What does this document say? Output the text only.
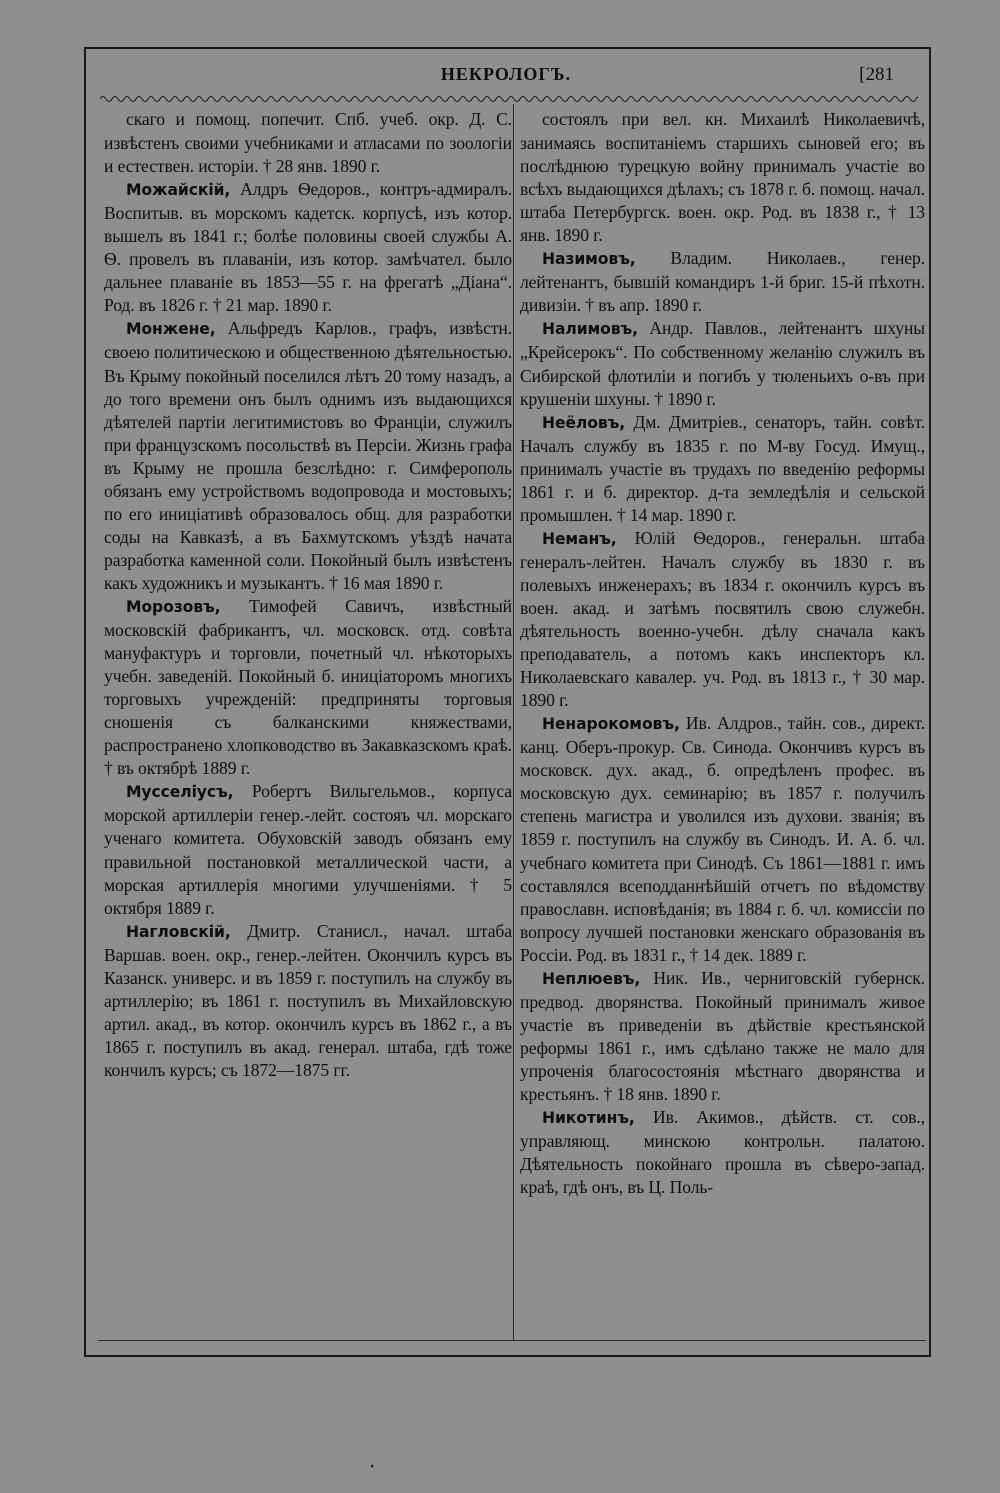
НЕКРОЛОГЪ.	[281

скаго и помощ. попечит. Спб. учеб. окр. Д. С. извѣстенъ своими учебниками и атласами по зоологіи и естествен. исторіи. † 28 янв. 1890 г.

Можайскій, Алдръ Ѳедоров., контръ-адмиралъ. Воспитыв. въ морскомъ кадетск. корпусѣ, изъ котор. вышелъ въ 1841 г.; болѣе половины своей службы А. Ѳ. провелъ въ плаваніи, изъ котор. замѣчател. было дальнее плаваніе въ 1853—55 г. на фрегатѣ „Діана“. Род. въ 1826 г. † 21 мар. 1890 г.

Монжене, Альфредъ Карлов., графъ, извѣстн. своею политическою и общественною дѣятельностью. Въ Крыму покойный поселился лѣтъ 20 тому назадъ, а до того времени онъ былъ однимъ изъ выдающихся дѣятелей партіи легитимистовъ во Франціи, служилъ при французскомъ посольствѣ въ Персіи. Жизнь графа въ Крыму не прошла безслѣдно: г. Симферополь обязанъ ему устройствомъ водопровода и мостовыхъ; по его иниціативѣ образовалось общ. для разработки соды на Кавказѣ, а въ Бахмутскомъ уѣздѣ начата разработка каменной соли. Покойный былъ извѣстенъ какъ художникъ и музыкантъ. † 16 мая 1890 г.

Морозовъ, Тимофей Савичъ, извѣстный московскій фабрикантъ, чл. московск. отд. совѣта мануфактуръ и торговли, почетный чл. нѣкоторыхъ учебн. заведеній. Покойный б. иниціаторомъ многихъ торговыхъ учрежденій: предприняты торговыя сношенія съ балканскими княжествами, распространено хлопководство въ Закавказскомъ краѣ. † въ октябрѣ 1889 г.

Мусселіусъ, Робертъ Вильгельмов., корпуса морской артиллеріи генер.-лейт. состояъ чл. морскаго ученаго комитета. Обуховскій заводъ обязанъ ему правильной постановкой металлической части, а морская артиллерія многими улучшеніями. † 5 октября 1889 г.

Нагловскій, Дмитр. Станисл., начал. штаба Варшав. воен. окр., генер.-лейтен. Окончилъ курсъ въ Казанск. универс. и въ 1859 г. поступилъ на службу въ артиллерію; въ 1861 г. поступилъ въ Михайловскую артил. акад., въ котор. окончилъ курсъ въ 1862 г., а въ 1865 г. поступилъ въ акад. генерал. штаба, гдѣ тоже кончилъ курсъ; съ 1872—1875 гг.

состоялъ при вел. кн. Михаилѣ Николаевичѣ, занимаясь воспитаніемъ старшихъ сыновей его; въ послѣднюю турецкую войну принималъ участіе во всѣхъ выдающихся дѣлахъ; съ 1878 г. б. помощ. начал. штаба Петербургск. воен. окр. Род. въ 1838 г., † 13 янв. 1890 г.

Назимовъ, Владим. Николаев., генер. лейтенантъ, бывшій командиръ 1-й бриг. 15-й пѣхотн. дивизіи. † въ апр. 1890 г.

Налимовъ, Андр. Павлов., лейтенантъ шхуны „Крейсерокъ“. По собственному желанію служилъ въ Сибирской флотиліи и погибъ у тюленьихъ о-въ при крушеніи шхуны. † 1890 г.

Неёловъ, Дм. Дмитріев., сенаторъ, тайн. совѣт. Началъ службу въ 1835 г. по М-ву Госуд. Имущ., принималъ участіе въ трудахъ по введенію реформы 1861 г. и б. директор. д-та земледѣлія и сельской промышлен. † 14 мар. 1890 г.

Неманъ, Юлій Ѳедоров., генеральн. штаба генералъ-лейтен. Началъ службу въ 1830 г. въ полевыхъ инженерахъ; въ 1834 г. окончилъ курсъ въ воен. акад. и затѣмъ посвятилъ свою служебн. дѣятельность военно-учебн. дѣлу сначала какъ преподаватель, а потомъ какъ инспекторъ кл. Николаевскаго кавалер. уч. Род. въ 1813 г., † 30 мар. 1890 г.

Ненарокомовъ, Ив. Алдров., тайн. сов., директ. канц. Оберъ-прокур. Св. Синода. Окончивъ курсъ въ московск. дух. акад., б. опредѣленъ профес. въ московскую дух. семинарію; въ 1857 г. получилъ степень магистра и уволился изъ духови. званія; въ 1859 г. поступилъ на службу въ Синодъ. И. А. б. чл. учебнаго комитета при Синодѣ. Съ 1861—1881 г. имъ составлялся всеподданнѣйшій отчетъ по вѣдомству православн. исповѣданія; въ 1884 г. б. чл. комиссіи по вопросу лучшей постановки женскаго образованія въ Россіи. Род. въ 1831 г., † 14 дек. 1889 г.

Неплюевъ, Ник. Ив., черниговскій губернск. предвод. дворянства. Покойный принималъ живое участіе въ приведеніи въ дѣйствіе крестьянской реформы 1861 г., имъ сдѣлано также не мало для упроченія благосостоянія мѣстнаго дворянства и крестьянъ. † 18 янв. 1890 г.

Никотинъ, Ив. Акимов., дѣйств. ст. сов., управляющ. минскою контрольн. палатою. Дѣятельность покойнаго прошла въ сѣверо-запад. краѣ, гдѣ онъ, въ Ц. Поль-

ꞏ
